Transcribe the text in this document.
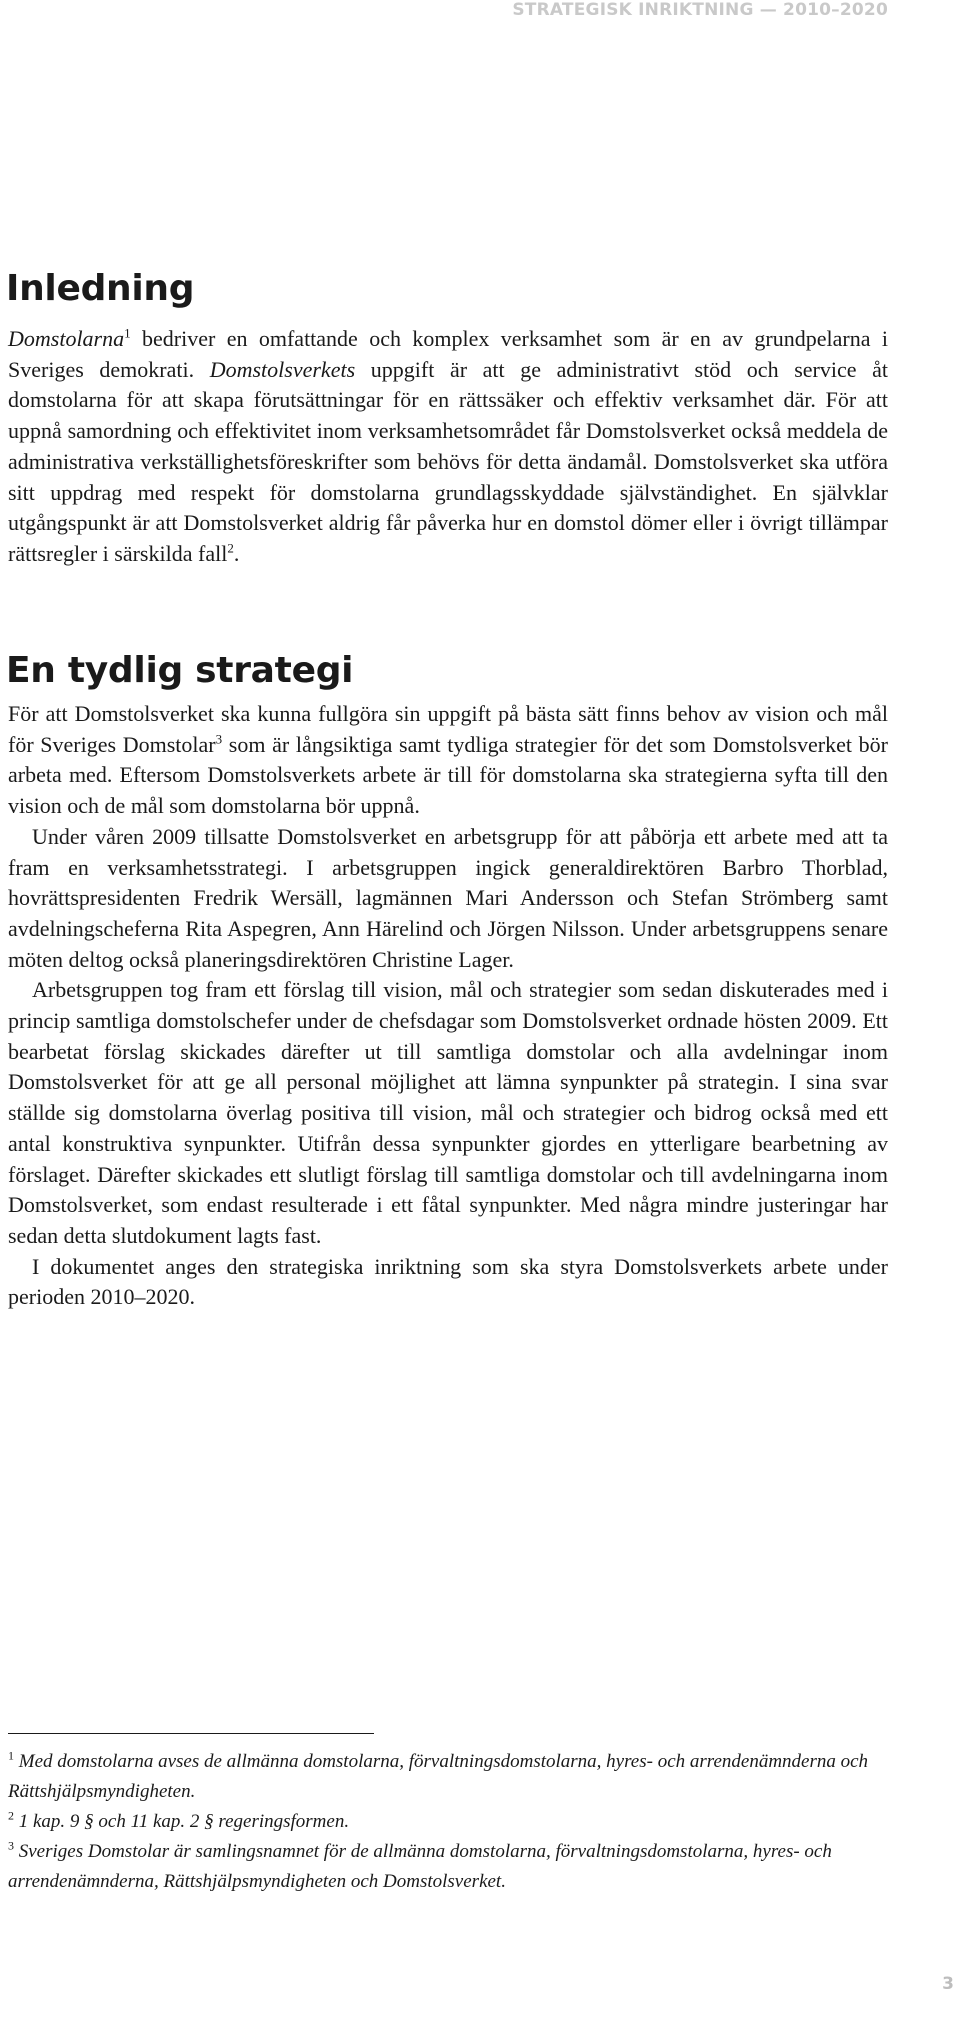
STRATEGISK INRIKTNING — 2010–2020
Inledning

Domstolarna$^1$ bedriver en omfattande och komplex verksamhet som är en av grundpelarna i Sveriges demokrati. Domstolsverkets uppgift är att ge administrativt stöd och service åt domstolarna för att skapa förutsättningar för en rättssäker och effektiv verksamhet där. För att uppnå samordning och effektivitet inom verksamhetsområdet får Domstolsverket också meddela de administrativa verkställighetsföreskrifter som behövs för detta ändamål. Domstolsverket ska utföra sitt uppdrag med respekt för domstolarna grundlagsskyddade självständighet. En självklar utgångspunkt är att Domstolsverket aldrig får påverka hur en domstol dömer eller i övrigt tillämpar rättsregler i särskilda fall$^2$.

En tydlig strategi

För att Domstolsverket ska kunna fullgöra sin uppgift på bästa sätt finns behov av vision och mål för Sveriges Domstolar$^3$ som är långsiktiga samt tydliga strategier för det som Domstolsverket bör arbeta med. Eftersom Domstolsverkets arbete är till för domstolarna ska strategierna syfta till den vision och de mål som domstolarna bör uppnå.

Under våren 2009 tillsatte Domstolsverket en arbetsgrupp för att påbörja ett arbete med att ta fram en verksamhetsstrategi. I arbetsgruppen ingick generaldirektören Barbro Thorblad, hovrättspresidenten Fredrik Wersäll, lagmännen Mari Andersson och Stefan Strömberg samt avdelningscheferna Rita Aspegren, Ann Härelind och Jörgen Nilsson. Under arbetsgruppens senare möten deltog också planeringsdirektören Christine Lager.

Arbetsgruppen tog fram ett förslag till vision, mål och strategier som sedan diskuterades med i princip samtliga domstolschefer under de chefsdagar som Domstolsverket ordnade hösten 2009. Ett bearbetat förslag skickades därefter ut till samtliga domstolar och alla avdelningar inom Domstolsverket för att ge all personal möjlighet att lämna synpunkter på strategin. I sina svar ställde sig domstolarna överlag positiva till vision, mål och strategier och bidrog också med ett antal konstruktiva synpunkter. Utifrån dessa synpunkter gjordes en ytterligare bearbetning av förslaget. Därefter skickades ett slutligt förslag till samtliga domstolar och till avdelningarna inom Domstolsverket, som endast resulterade i ett fåtal synpunkter. Med några mindre justeringar har sedan detta slutdokument lagts fast.

I dokumentet anges den strategiska inriktning som ska styra Domstolsverkets arbete under perioden 2010–2020.

$^1$ Med domstolarna avses de allmänna domstolarna, förvaltningsdomstolarna, hyres- och arrendenämnderna och Rättshjälpsmyndigheten.

$^2$ 1 kap. 9 § och 11 kap. 2 § regeringsformen.

$^3$ Sveriges Domstolar är samlingsnamnet för de allmänna domstolarna, förvaltningsdomstolarna, hyres- och arrendenämnderna, Rättshjälpsmyndigheten och Domstolsverket.

3
